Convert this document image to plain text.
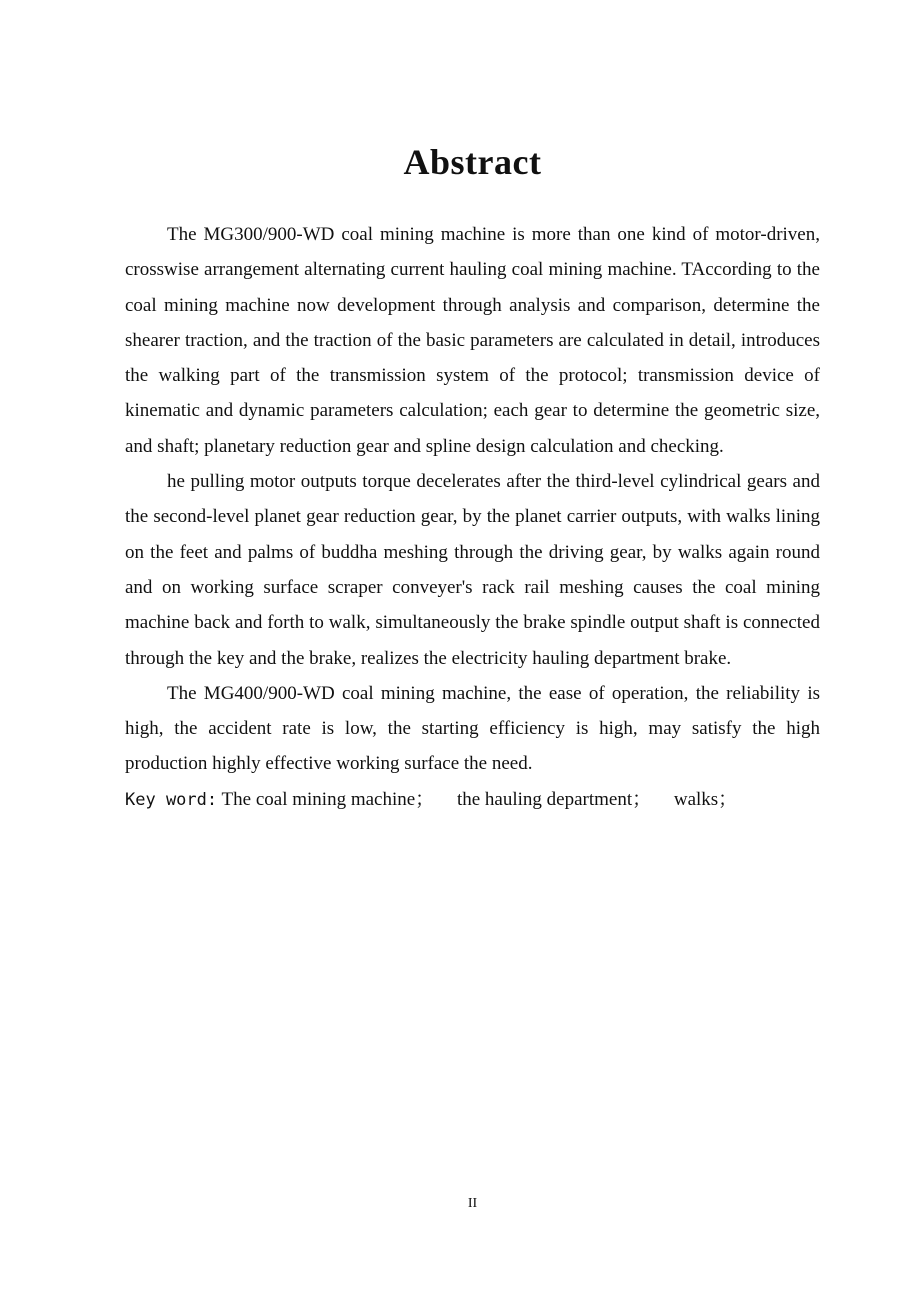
Abstract

The MG300/900-WD coal mining machine is more than one kind of motor-driven, crosswise arrangement alternating current hauling coal mining machine. TAccording to the coal mining machine now development through analysis and comparison, determine the shearer traction, and the traction of the basic parameters are calculated in detail, introduces the walking part of the transmission system of the protocol; transmission device of kinematic and dynamic parameters calculation; each gear to determine the geometric size, and shaft; planetary reduction gear and spline design calculation and checking.

he pulling motor outputs torque decelerates after the third-level cylindrical gears and the second-level planet gear reduction gear, by the planet carrier outputs, with walks lining on the feet and palms of buddha meshing through the driving gear, by walks again round and on working surface scraper conveyer's rack rail meshing causes the coal mining machine back and forth to walk, simultaneously the brake spindle output shaft is connected through the key and the brake, realizes the electricity hauling department brake.

The MG400/900-WD coal mining machine, the ease of operation, the reliability is high, the accident rate is low, the starting efficiency is high, may satisfy the high production highly effective working surface the need.

Key word: The coal mining machine； the hauling department； walks；

II
